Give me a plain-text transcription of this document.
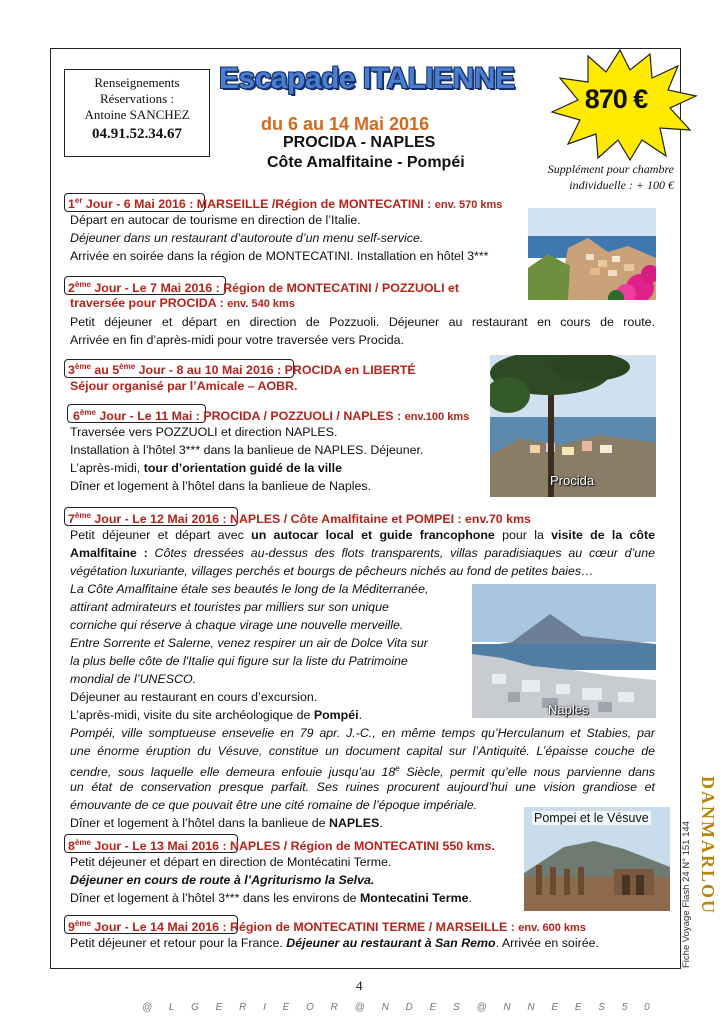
Renseignements
Réservations :
Antoine SANCHEZ
04.91.52.34.67
Escapade ITALIENNE
870 €
du 6 au 14 Mai 2016
PROCIDA - NAPLES
Côte Amalfitaine - Pompéi	Supplément pour chambre
individuelle : + 100 €
Procida
Naples
Pompei et le Vésuve
1er Jour - 6 Mai 2016 : MARSEILLE /Région de MONTECATINI : env. 570 kms
Départ en autocar de tourisme en direction de l’Italie.
Déjeuner dans un restaurant d’autoroute d’un menu self-service.
Arrivée en soirée dans la région de MONTECATINI. Installation en hôtel 3***
2ème Jour - Le 7 Mai 2016 : Région de MONTECATINI / POZZUOLI et
traversée pour PROCIDA : env. 540 kms
Petit déjeuner et départ en direction de Pozzuoli. Déjeuner au restaurant en cours de route.
Arrivée en fin d’après-midi pour votre traversée vers Procida.
3ème au 5ème Jour - 8 au 10 Mai 2016 : PROCIDA en LIBERTÉ
Séjour organisé par l’Amicale – AOBR.
6ème Jour - Le 11 Mai : PROCIDA / POZZUOLI / NAPLES : env.100 kms
Traversée vers POZZUOLI et direction NAPLES.
Installation à l’hôtel 3*** dans la banlieue de NAPLES. Déjeuner.
L’après-midi, tour d’orientation guidé de la ville
Dîner et logement à l’hôtel dans la banlieue de Naples.
7ème Jour - Le 12 Mai 2016 : NAPLES / Côte Amalfitaine et POMPEI : env.70 kms
Petit déjeuner et départ avec un autocar local et guide francophone pour la visite de la côte
Amalfitaine : Côtes dressées au-dessus des flots transparents, villas paradisiaques au cœur d’une
végétation luxuriante, villages perchés et bourgs de pêcheurs nichés au fond de petites baies…
La Côte Amalfitaine étale ses beautés le long de la Méditerranée,
attirant admirateurs et touristes par milliers sur son unique
corniche qui réserve à chaque virage une nouvelle merveille.
Entre Sorrente et Salerne, venez respirer un air de Dolce Vita sur
la plus belle côte de l'Italie qui figure sur la liste du Patrimoine
mondial de l’UNESCO.
Déjeuner au restaurant en cours d’excursion.
L’après-midi, visite du site archéologique de Pompéi.
Pompéi, ville somptueuse ensevelie en 79 apr. J.-C., en même temps qu’Herculanum et Stabies, par
une énorme éruption du Vésuve, constitue un document capital sur l’Antiquité. L’épaisse couche de
cendre, sous laquelle elle demeura enfouie jusqu’au 18e Siècle, permit qu’elle nous parvienne dans
un état de conservation presque parfait. Ses ruines procurent aujourd’hui une vision grandiose et
émouvante de ce que pouvait être une cité romaine de l’époque impériale.
Dîner et logement à l’hôtel dans la banlieue de NAPLES.
8ème Jour - Le 13 Mai 2016 : NAPLES / Région de MONTECATINI 550 kms.
Petit déjeuner et départ en direction de Montécatini Terme.
Déjeuner en cours de route à l’Agriturismo la Selva.
Dîner et logement à l’hôtel 3*** dans les environs de Montecatini Terme.
9ème Jour - Le 14 Mai 2016 : Région de MONTECATINI TERME / MARSEILLE : env. 600 kms
Petit déjeuner et retour pour la France. Déjeuner au restaurant à San Remo. Arrivée en soirée.	Fiche Voyage Flash 24 N° 151 144 DANMARLOU
4
@ L G E R I E O R @ N D E S @ N N E E S 5 0
